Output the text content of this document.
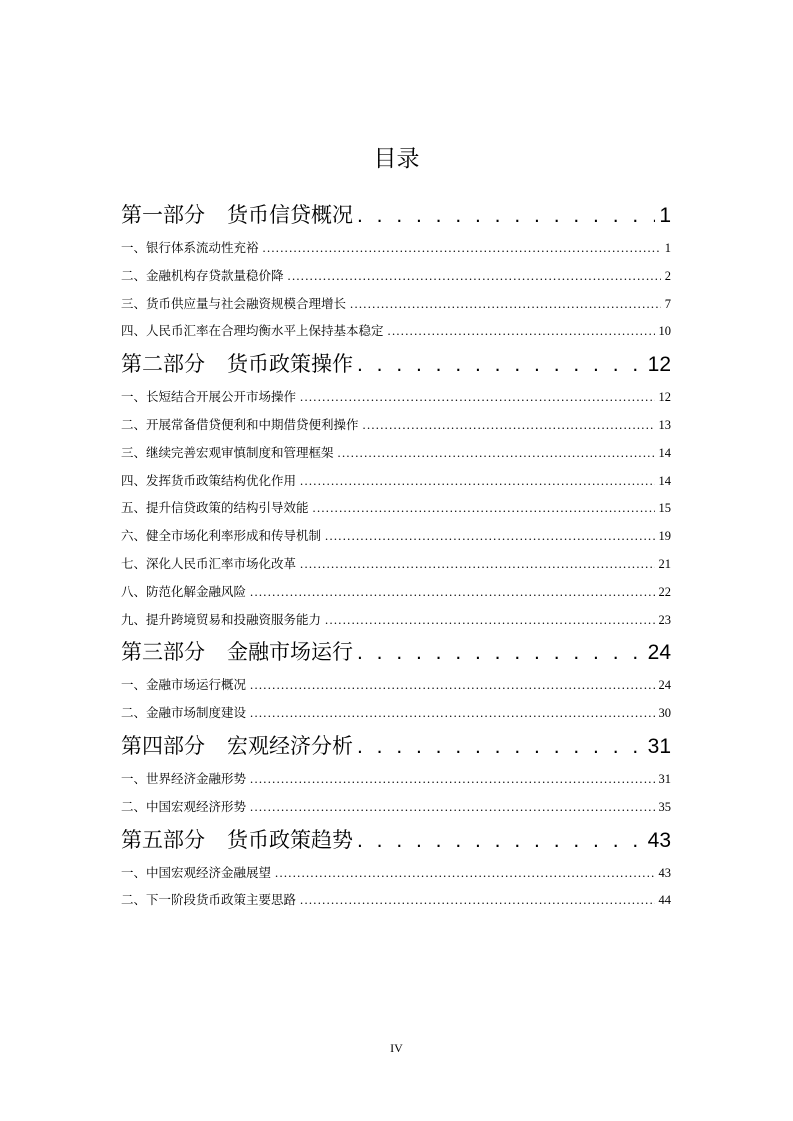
目录
第一部分 货币信贷概况 . . .	1
一、银行体系流动性充裕 .....	1
二、金融机构存贷款量稳价降 .....	2
三、货币供应量与社会融资规模合理增长 .....	7
四、人民币汇率在合理均衡水平上保持基本稳定 .....	10
第二部分 货币政策操作 . . .	12
一、长短结合开展公开市场操作 .....	12
二、开展常备借贷便利和中期借贷便利操作 .....	13
三、继续完善宏观审慎制度和管理框架 .....	14
四、发挥货币政策结构优化作用 .....	14
五、提升信贷政策的结构引导效能 .....	15
六、健全市场化利率形成和传导机制 .....	19
七、深化人民币汇率市场化改革 .....	21
八、防范化解金融风险 .....	22
九、提升跨境贸易和投融资服务能力 .....	23
第三部分 金融市场运行 . . .	24
一、金融市场运行概况 .....	24
二、金融市场制度建设 .....	30
第四部分 宏观经济分析 . . .	31
一、世界经济金融形势 .....	31
二、中国宏观经济形势 .....	35
第五部分 货币政策趋势 . . .	43
一、中国宏观经济金融展望 .....	43
二、下一阶段货币政策主要思路 .....	44
IV
